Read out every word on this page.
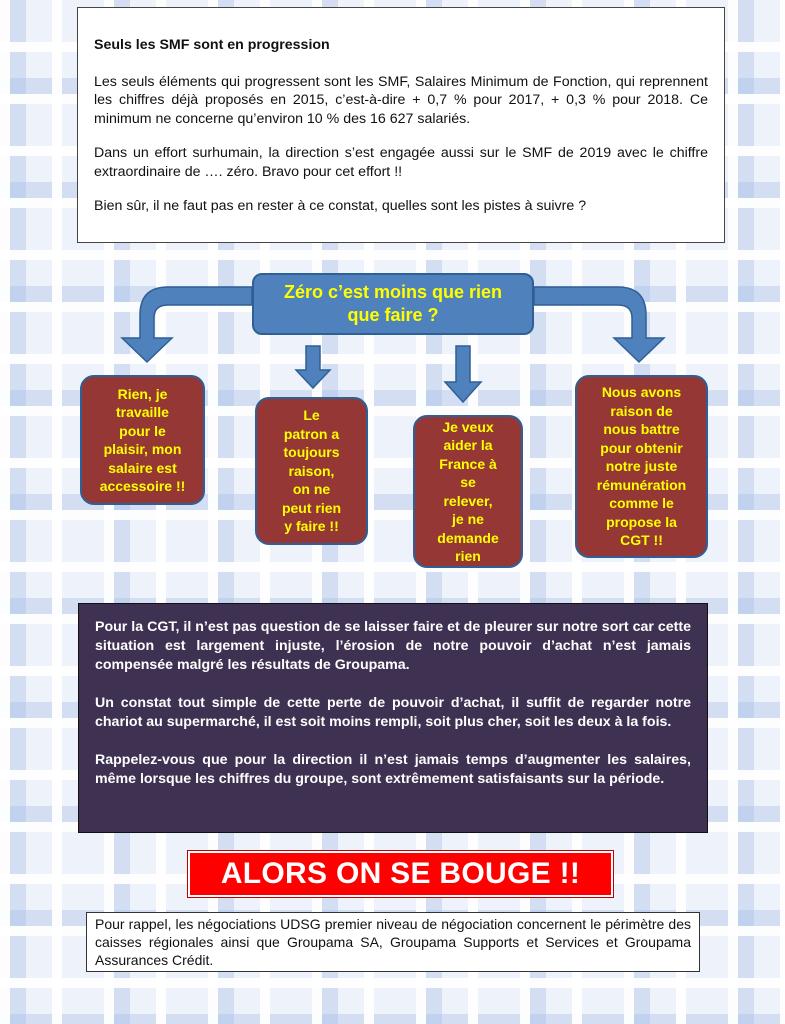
Seuls les SMF sont en progression

Les seuls éléments qui progressent sont les SMF, Salaires Minimum de Fonction, qui reprennent les chiffres déjà proposés en 2015, c’est-à-dire + 0,7 % pour 2017, + 0,3 % pour 2018. Ce minimum ne concerne qu’environ 10 % des 16 627 salariés.

Dans un effort surhumain, la direction s’est engagée aussi sur le SMF de 2019 avec le chiffre extraordinaire de …. zéro. Bravo pour cet effort !!

Bien sûr, il ne faut pas en rester à ce constat, quelles sont les pistes à suivre ?

Zéro c’est moins que rien que faire ?
Rien, je
travaille
pour le
plaisir, mon
salaire est
accessoire !!
Le
patron a
toujours
raison,
on ne
peut rien
y faire !!
Je veux
aider la
France à
se
relever,
je ne
demande
rien
Nous avons
raison de
nous battre
pour obtenir
notre juste
rémunération
comme le
propose la
CGT !!

Pour la CGT, il n’est pas question de se laisser faire et de pleurer sur notre sort car cette situation est largement injuste, l’érosion de notre pouvoir d’achat n’est jamais compensée malgré les résultats de Groupama.

Un constat tout simple de cette perte de pouvoir d’achat, il suffit de regarder notre chariot au supermarché, il est soit moins rempli, soit plus cher, soit les deux à la fois.

Rappelez-vous que pour la direction il n’est jamais temps d’augmenter les salaires, même lorsque les chiffres du groupe, sont extrêmement satisfaisants sur la période.

ALORS ON SE BOUGE !!
Pour rappel, les négociations UDSG premier niveau de négociation concernent le périmètre des caisses régionales ainsi que Groupama SA, Groupama Supports et Services et Groupama Assurances Crédit.
